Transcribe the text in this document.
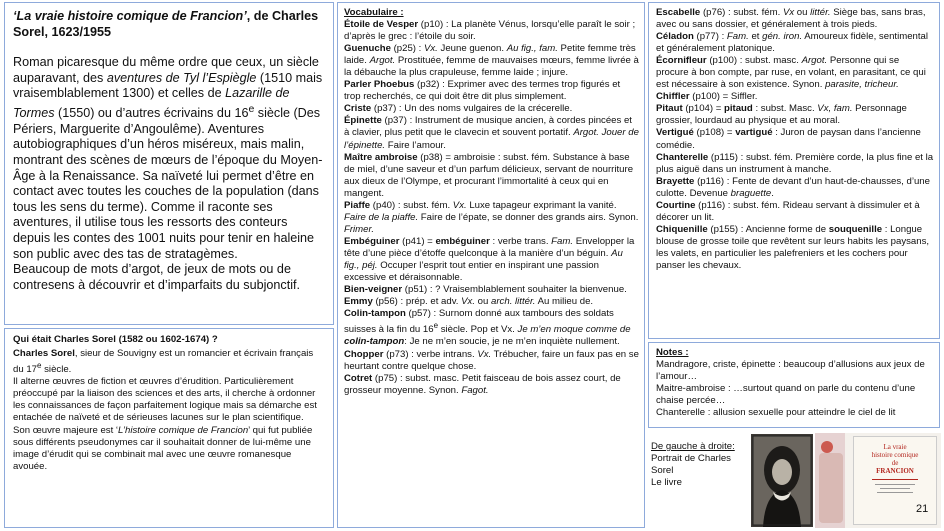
‘La vraie histoire comique de Francion’, de Charles Sorel, 1623/1955

Roman picaresque du même ordre que ceux, un siècle auparavant, des aventures de Tyl l’Espiègle (1510 mais vraisemblablement 1300) et celles de Lazarille de Tormes (1550) ou d’autres écrivains du 16e siècle (Des Périers, Marguerite d’Angoulême). Aventures autobiographiques d’un héros miséreux, mais malin, montrant des scènes de mœurs de l’époque du Moyen-Âge à la Renaissance. Sa naïveté lui permet d’être en contact avec toutes les couches de la population (dans tous les sens du terme). Comme il raconte ses aventures, il utilise tous les ressorts des conteurs depuis les contes des 1001 nuits pour tenir en haleine son public avec des tas de stratagèmes.
Beaucoup de mots d’argot, de jeux de mots ou de contresens à découvrir et d’imparfaits du subjonctif.

Qui était Charles Sorel (1582 ou 1602-1674) ?

Charles Sorel, sieur de Souvigny est un romancier et écrivain français du 17e siècle.

Il alterne œuvres de fiction et œuvres d’érudition. Particulièrement préoccupé par la liaison des sciences et des arts, il cherche à ordonner les connaissances de façon parfaitement logique mais sa démarche est entachée de naïveté et de sérieuses lacunes sur le plan scientifique.

Son œuvre majeure est ‘L’histoire comique de Francion’ qui fut publiée sous différents pseudonymes car il souhaitait donner de lui-même une image d’érudit qui se combinait mal avec une œuvre romanesque avouée.

Vocabulaire :

Étoile de Vesper (p10) : La planète Vénus, lorsqu’elle paraît le soir ; d’après le grec : l’étoile du soir.

Guenuche (p25) : Vx. Jeune guenon. Au fig., fam. Petite femme très laide. Argot. Prostituée, femme de mauvaises mœurs, femme livrée à la débauche la plus crapuleuse, femme laide ; injure.

Parler Phoebus (p32) : Exprimer avec des termes trop figurés et trop recherchés, ce qui doit être dit plus simplement.

Criste (p37) : Un des noms vulgaires de la crécerelle.

Épinette (p37) : Instrument de musique ancien, à cordes pincées et à clavier, plus petit que le clavecin et souvent portatif. Argot. Jouer de l’épinette. Faire l’amour.

Maître ambroise (p38) = ambroisie : subst. fém. Substance à base de miel, d’une saveur et d’un parfum délicieux, servant de nourriture aux dieux de l’Olympe, et procurant l’immortalité à ceux qui en mangent.

Piaffe (p40) : subst. fém. Vx. Luxe tapageur exprimant la vanité. Faire de la piaffe. Faire de l’épate, se donner des grands airs. Synon. Frimer.

Embéguiner (p41) = embéguiner : verbe trans. Fam. Envelopper la tête d’une pièce d’étoffe quelconque à la manière d’un béguin. Au fig., péj. Occuper l’esprit tout entier en inspirant une passion excessive et déraisonnable.

Bien-veigner (p51) : ? Vraisemblablement souhaiter la bienvenue.

Emmy (p56) : prép. et adv. Vx. ou arch. littér. Au milieu de.

Colin-tampon (p57) : Surnom donné aux tambours des soldats suisses à la fin du 16e siècle. Pop et Vx. Je m’en moque comme de colin-tampon: Je ne m’en soucie, je ne m’en inquiète nullement.

Chopper (p73) : verbe intrans. Vx. Trébucher, faire un faux pas en se heurtant contre quelque chose.

Cotret (p75) : subst. masc. Petit faisceau de bois assez court, de grosseur moyenne. Synon. Fagot.

Escabelle (p76) : subst. fém. Vx ou littér. Siège bas, sans bras, avec ou sans dossier, et généralement à trois pieds.

Céladon (p77) : Fam. et gén. iron. Amoureux fidèle, sentimental et généralement platonique.

Écornifleur (p100) : subst. masc. Argot. Personne qui se procure à bon compte, par ruse, en volant, en parasitant, ce qui est nécessaire à son existence. Synon. parasite, tricheur.

Chiffler (p100) = Siffler.

Pitaut (p104) = pitaud : subst. Masc. Vx, fam. Personnage grossier, lourdaud au physique et au moral.

Vertigué (p108) = vartigué : Juron de paysan dans l’ancienne comédie.

Chanterelle (p115) : subst. fém. Première corde, la plus fine et la plus aiguë dans un instrument à manche.

Brayette (p116) : Fente de devant d’un haut-de-chausses, d’une culotte. Devenue braguette.

Courtine (p116) : subst. fém. Rideau servant à dissimuler et à décorer un lit.

Chiquenille (p155) : Ancienne forme de souquenille : Longue blouse de grosse toile que revêtent sur leurs habits les paysans, les valets, en particulier les palefreniers et les cochers pour panser les chevaux.

Notes :

Mandragore, criste, épinette : beaucoup d’allusions aux jeux de l’amour…

Maitre-ambroise : …surtout quand on parle du contenu d’une chaise percée…

Chanterelle : allusion sexuelle pour atteindre le ciel de lit

De gauche à droite:

Portrait de Charles Sorel

Le livre

La vraie
histoire comique
de
FRANCION
21
